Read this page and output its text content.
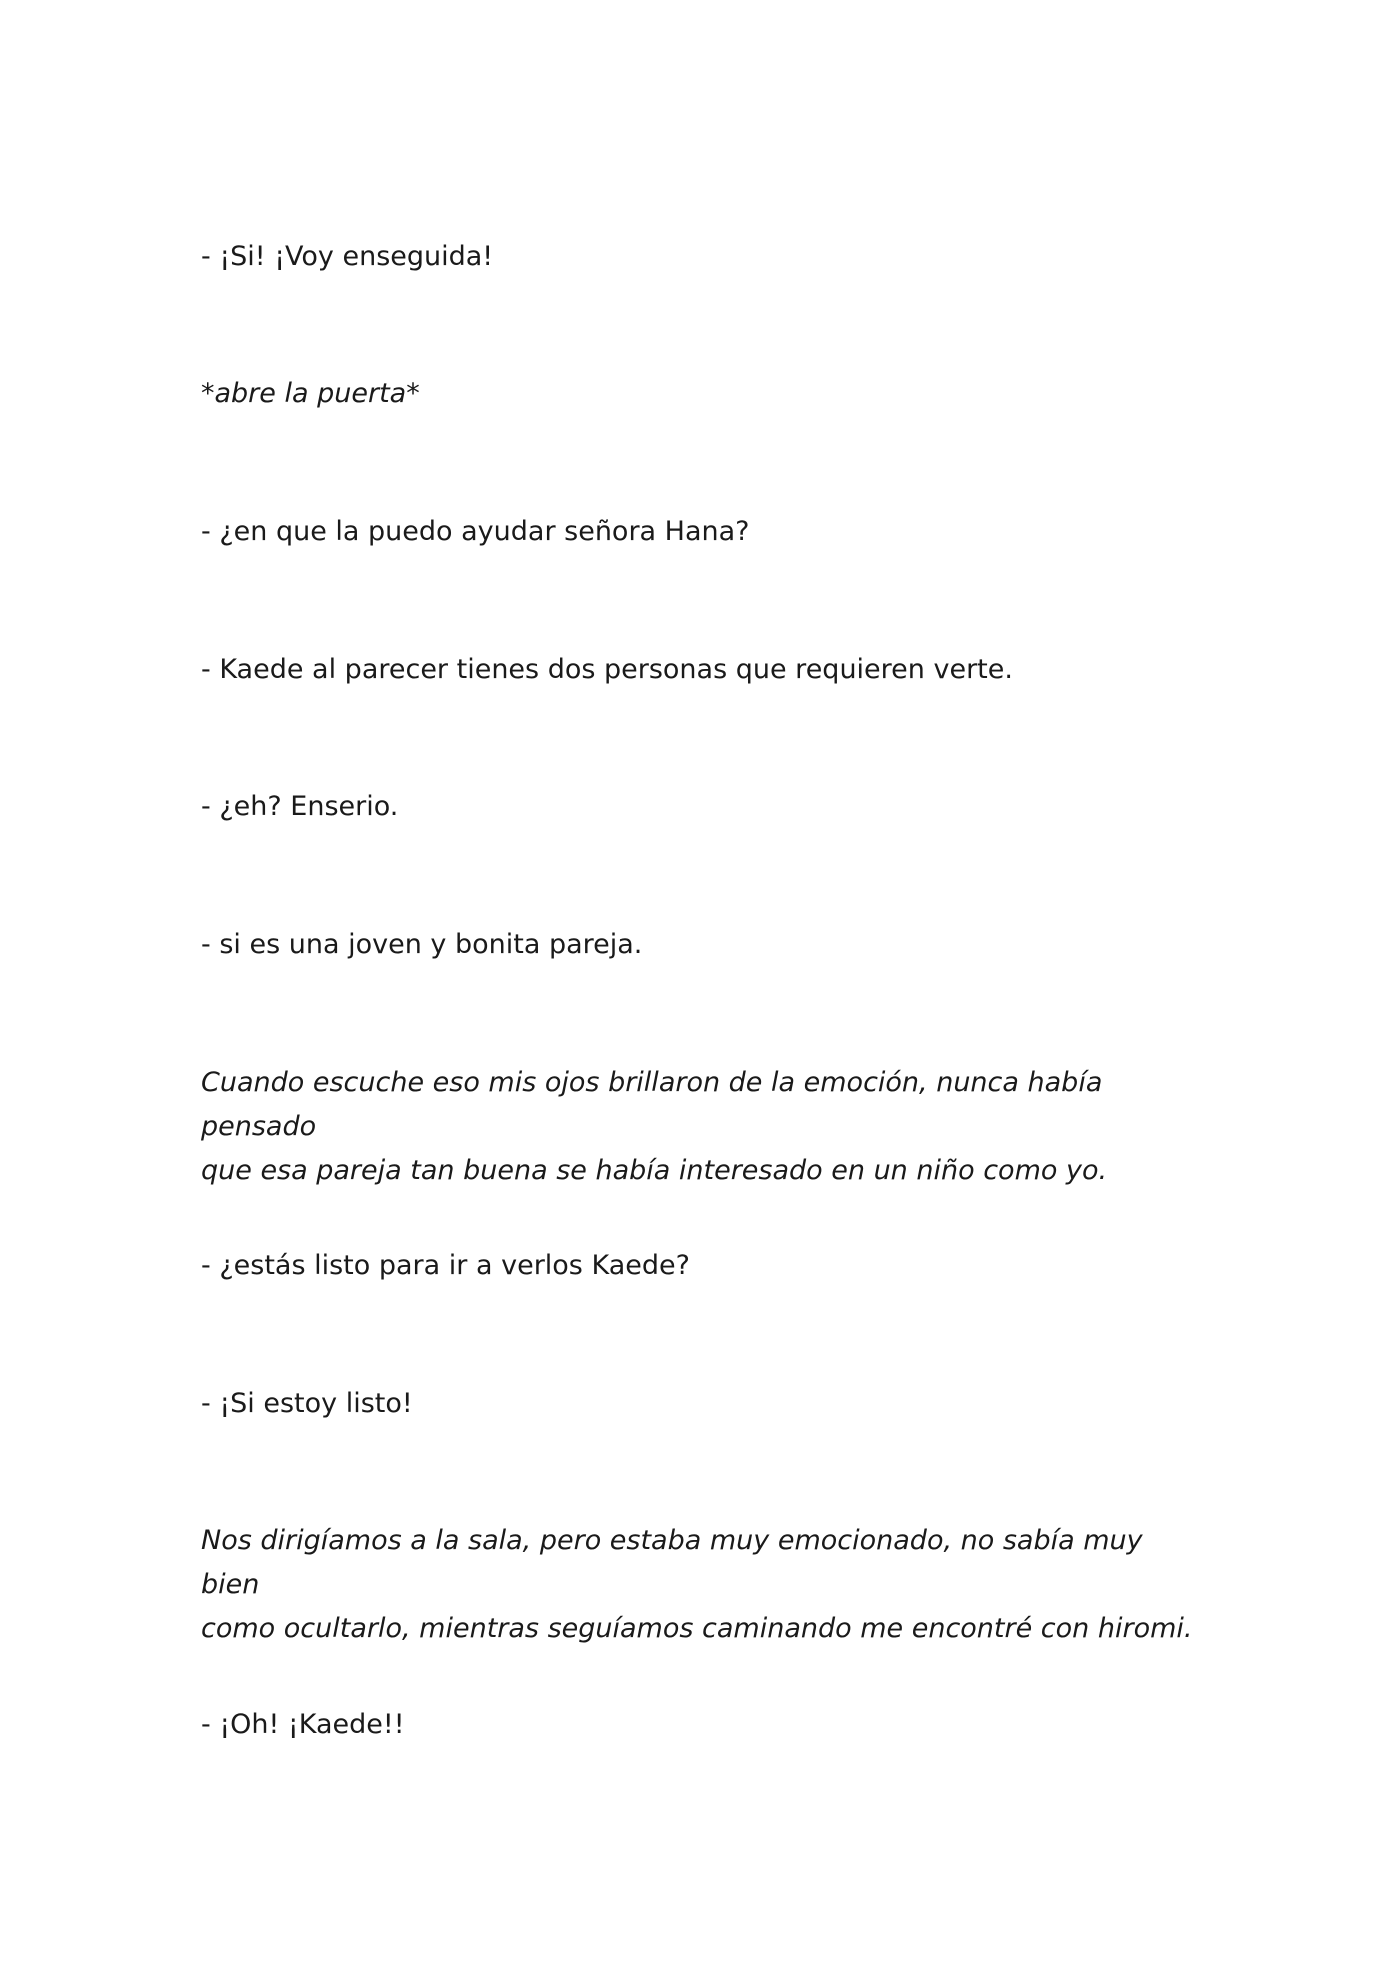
- ¡Si! ¡Voy enseguida!

*abre la puerta*

- ¿en que la puedo ayudar señora Hana?

- Kaede al parecer tienes dos personas que requieren verte.

- ¿eh? Enserio.

- si es una joven y bonita pareja.

Cuando escuche eso mis ojos brillaron de la emoción, nunca había pensado
que esa pareja tan buena se había interesado en un niño como yo.

- ¿estás listo para ir a verlos Kaede?

- ¡Si estoy listo!

Nos dirigíamos a la sala, pero estaba muy emocionado, no sabía muy bien
como ocultarlo, mientras seguíamos caminando me encontré con hiromi.

- ¡Oh! ¡Kaede!!
